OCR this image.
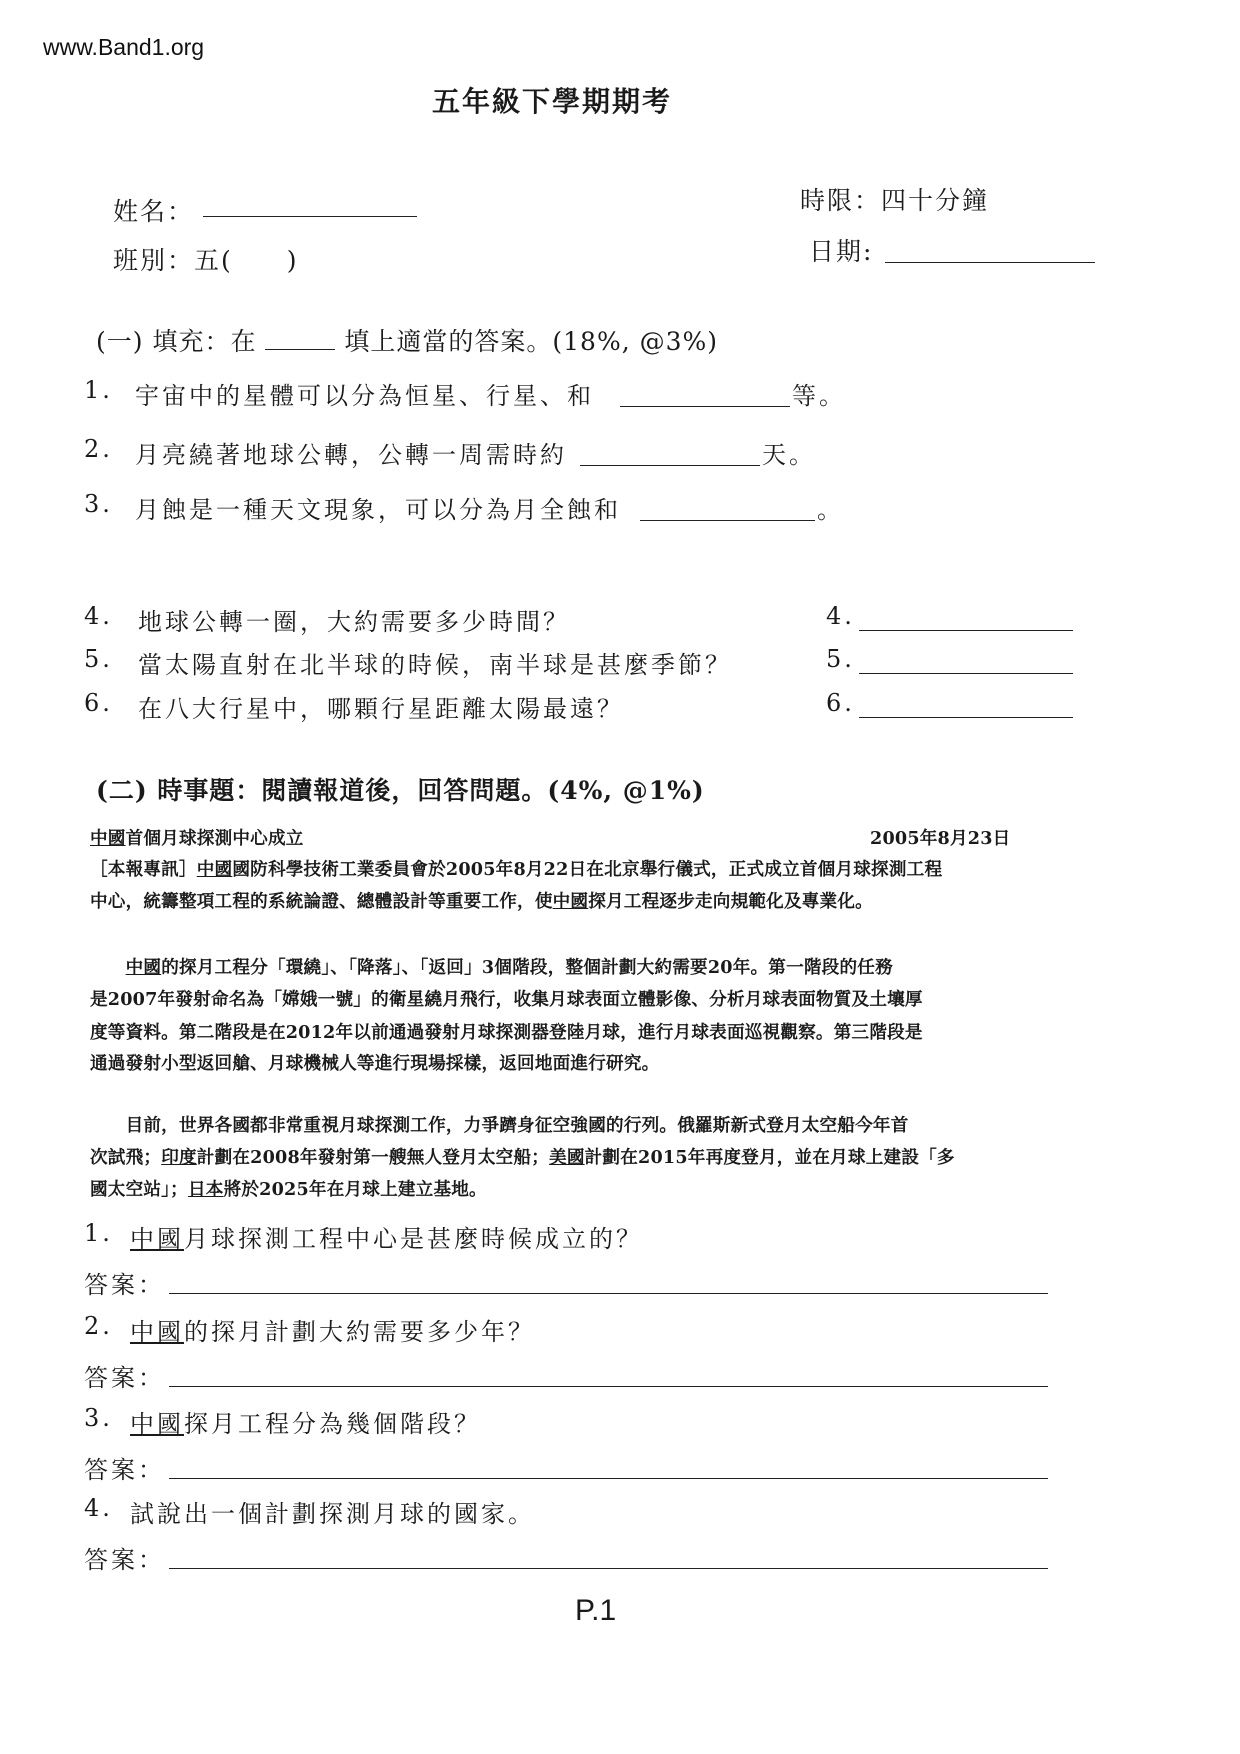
www.Band1.org
五年級下學期期考
姓名：
班別：五(　　)
時限：四十分鐘
日期:
(一) 填充：在	填上適當的答案。(18%, @3%)
1. 宇宙中的星體可以分為恒星、行星、和	等。
2. 月亮繞著地球公轉，公轉一周需時約	天。
3. 月蝕是一種天文現象，可以分為月全蝕和	。
4. 地球公轉一圈，大約需要多少時間？	4.
5. 當太陽直射在北半球的時候，南半球是甚麼季節？	5.
6. 在八大行星中，哪顆行星距離太陽最遠？	6.
(二) 時事題：閱讀報道後，回答問題。(4%, @1%)
中國首個月球探測中心成立	2005年8月23日
［本報專訊］中國國防科學技術工業委員會於2005年8月22日在北京舉行儀式，正式成立首個月球探測工程
中心，統籌整項工程的系統論證、總體設計等重要工作，使中國探月工程逐步走向規範化及專業化。
　　中國的探月工程分「環繞」、「降落」、「返回」3個階段，整個計劃大約需要20年。第一階段的任務
是2007年發射命名為「嫦娥一號」的衛星繞月飛行，收集月球表面立體影像、分析月球表面物質及土壤厚
度等資料。第二階段是在2012年以前通過發射月球探測器登陸月球，進行月球表面巡視觀察。第三階段是
通過發射小型返回艙、月球機械人等進行現場採樣，返回地面進行研究。
　　目前，世界各國都非常重視月球探測工作，力爭躋身征空強國的行列。俄羅斯新式登月太空船今年首
次試飛；印度計劃在2008年發射第一艘無人登月太空船；美國計劃在2015年再度登月，並在月球上建設「多
國太空站」；日本將於2025年在月球上建立基地。
1. 中國月球探測工程中心是甚麼時候成立的？
答案：
2. 中國的探月計劃大約需要多少年？
答案：
3. 中國探月工程分為幾個階段？
答案：
4. 試說出一個計劃探測月球的國家。
答案：
P.1
